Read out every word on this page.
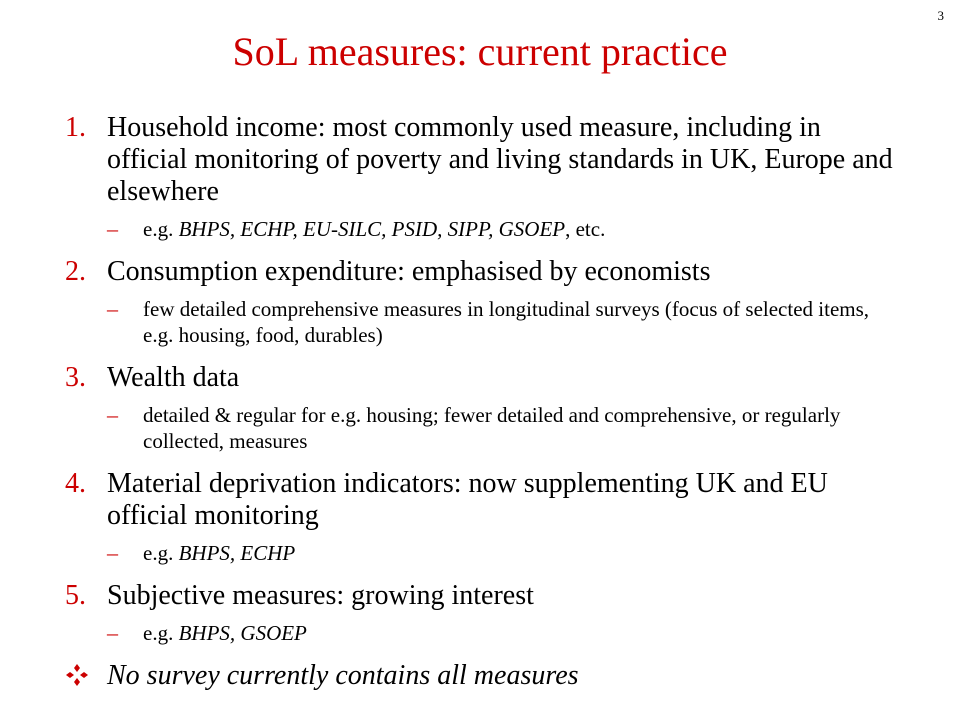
3
SoL measures: current practice
1. Household income: most commonly used measure, including in official monitoring of poverty and living standards in UK, Europe and elsewhere
– e.g. BHPS, ECHP, EU-SILC, PSID, SIPP, GSOEP, etc.
2. Consumption expenditure: emphasised by economists
– few detailed comprehensive measures in longitudinal surveys (focus of selected items, e.g. housing, food, durables)
3. Wealth data
– detailed & regular for e.g. housing; fewer detailed and comprehensive, or regularly collected, measures
4. Material deprivation indicators: now supplementing UK and EU official monitoring
– e.g. BHPS, ECHP
5. Subjective measures: growing interest
– e.g. BHPS, GSOEP
No survey currently contains all measures
